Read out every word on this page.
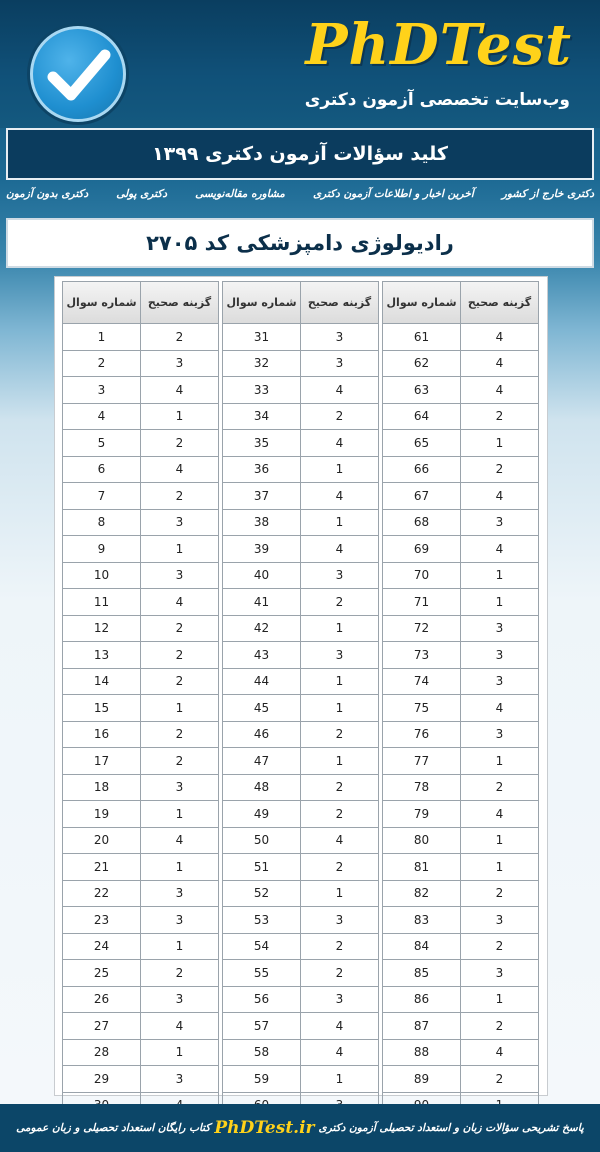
PhDTest
وب‌سایت تخصصی آزمون دکتری
کلید سؤالات آزمون دکتری ۱۳۹۹
دکتری بدون آزمون	دکتری پولی	مشاوره مقاله‌نویسی	آخرین اخبار و اطلاعات آزمون دکتری	دکتری خارج از کشور
رادیولوژی دامپزشکی کد ۲۷۰۵
شماره سوال	گزینه صحیح
61	4
62	4
63	4
64	2
65	1
66	2
67	4
68	3
69	4
70	1
71	1
72	3
73	3
74	3
75	4
76	3
77	1
78	2
79	4
80	1
81	1
82	2
83	3
84	2
85	3
86	1
87	2
88	4
89	2
شماره سوال	گزینه صحیح
31	3
32	3
33	4
34	2
35	4
36	1
37	4
38	1
39	4
40	3
41	2
42	1
43	3
44	1
45	1
46	2
47	1
48	2
49	2
50	4
51	2
52	1
53	3
54	2
55	2
56	3
57	4
58	4
59	1
شماره سوال	گزینه صحیح
1	2
2	3
3	4
4	1
5	2
6	4
7	2
8	3
9	1
10	3
11	4
12	2
13	2
14	2
15	1
16	2
17	2
18	3
19	1
20	4
21	1
22	3
23	3
24	1
25	2
26	3
27	4
28	1
29	3
پاسخ تشریحی سؤالات زبان و استعداد تحصیلی آزمون دکتری
PhDTest.ir
کتاب رایگان استعداد تحصیلی و زبان عمومی
